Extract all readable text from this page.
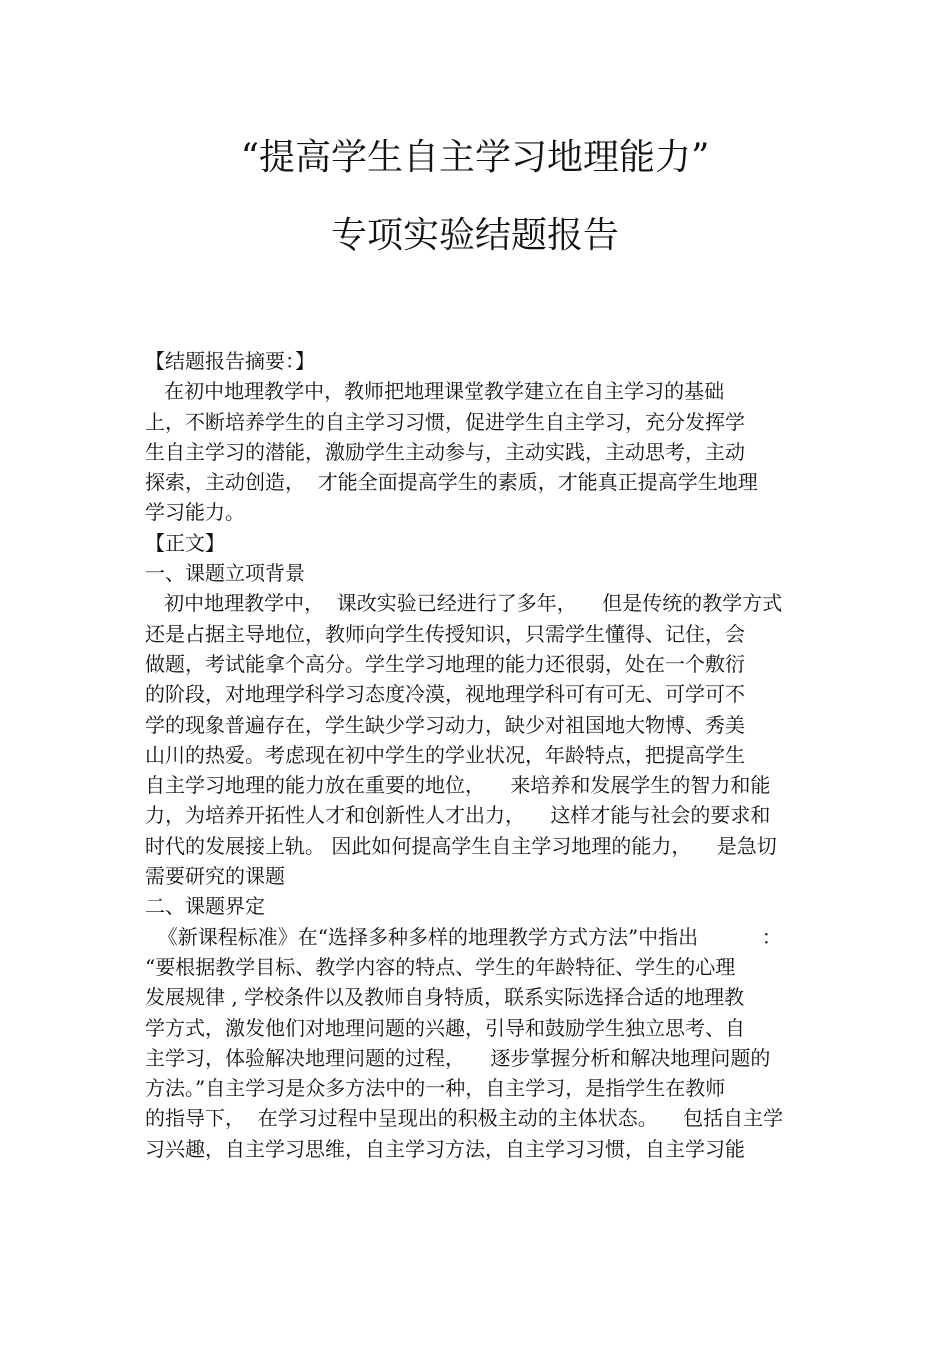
“提高学生自主学习地理能力”
专项实验结题报告
【结题报告摘要：】
在初中地理教学中，教师把地理课堂教学建立在自主学习的基础
上，不断培养学生的自主学习习惯，促进学生自主学习，充分发挥学
生自主学习的潜能，激励学生主动参与，主动实践，主动思考，主动
探索，主动创造，  才能全面提高学生的素质，才能真正提高学生地理
学习能力。
【正文】
一、课题立项背景
初中地理教学中，  课改实验已经进行了多年，    但是传统的教学方式
还是占据主导地位，教师向学生传授知识，只需学生懂得、记住，会
做题，考试能拿个高分。学生学习地理的能力还很弱，处在一个敷衍
的阶段，对地理学科学习态度冷漠，视地理学科可有可无、可学可不
学的现象普遍存在，学生缺少学习动力，缺少对祖国地大物博、秀美
山川的热爱。考虑现在初中学生的学业状况，年龄特点，把提高学生
自主学习地理的能力放在重要的地位，    来培养和发展学生的智力和能
力，为培养开拓性人才和创新性人才出力，    这样才能与社会的要求和
时代的发展接上轨。 因此如何提高学生自主学习地理的能力，    是急切
需要研究的课题
二、课题界定
《新课程标准》在“选择多种多样的地理教学方式方法”中指出          ：
“要根据教学目标、教学内容的特点、学生的年龄特征、学生的心理
发展规律 , 学校条件以及教师自身特质，联系实际选择合适的地理教
学方式，激发他们对地理问题的兴趣，引导和鼓励学生独立思考、自
主学习，体验解决地理问题的过程，    逐步掌握分析和解决地理问题的
方法。”自主学习是众多方法中的一种，自主学习，是指学生在教师
的指导下，  在学习过程中呈现出的积极主动的主体状态。    包括自主学
习兴趣，自主学习思维，自主学习方法，自主学习习惯，自主学习能
